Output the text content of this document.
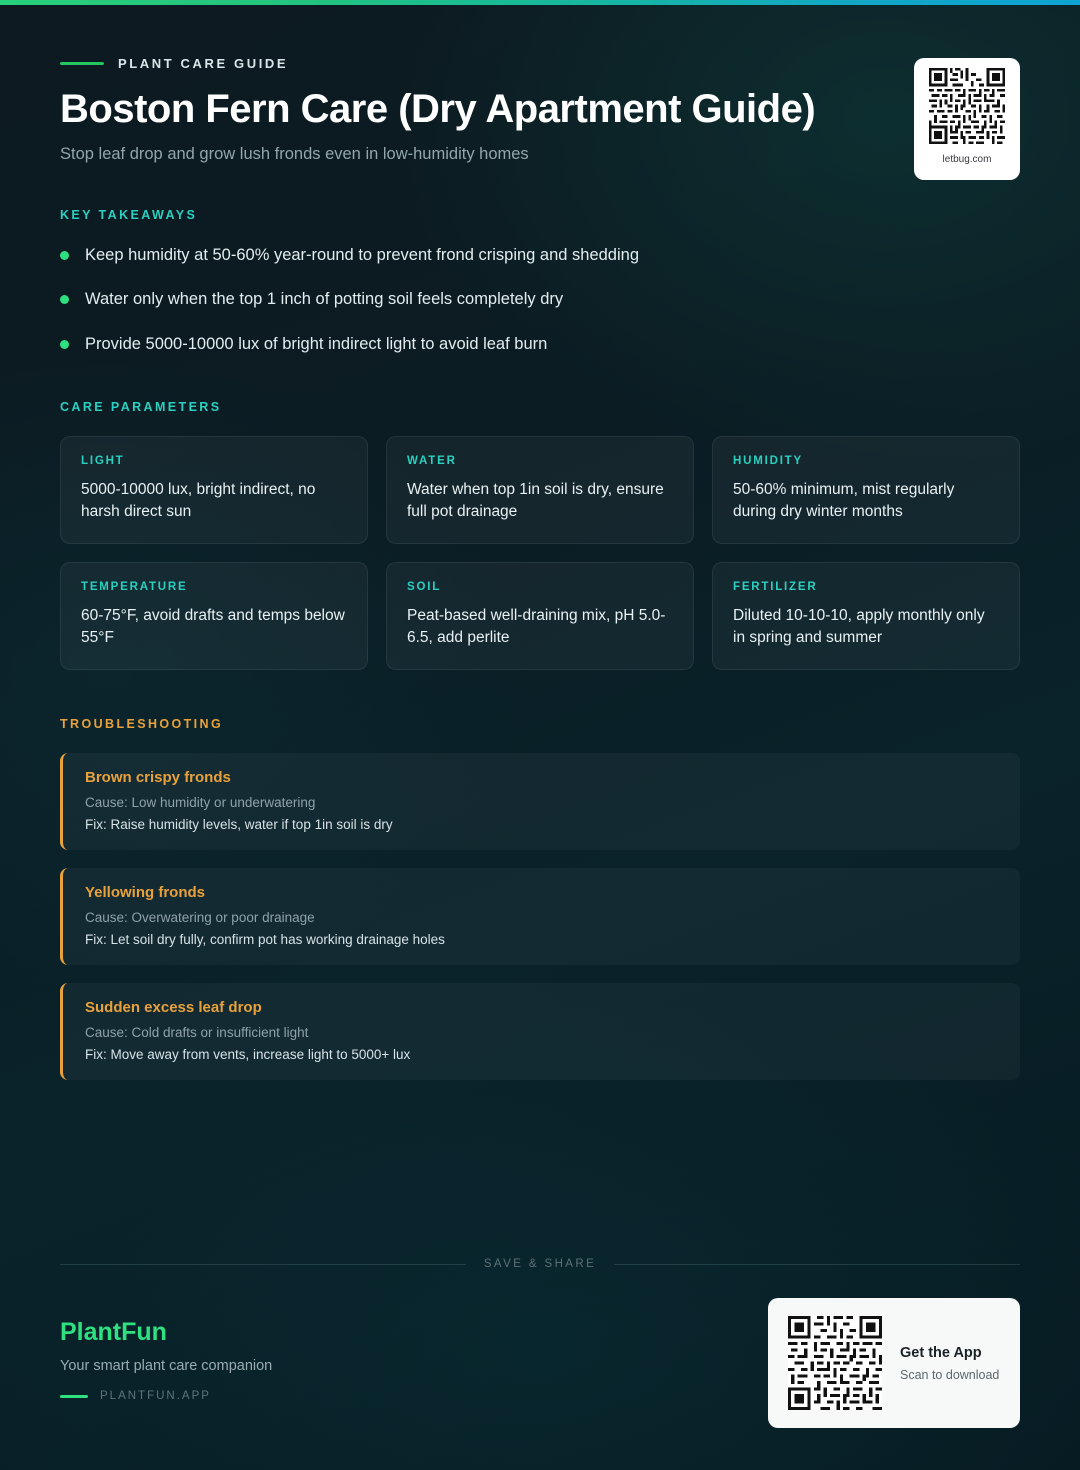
letbug.com
PLANT CARE GUIDE
Boston Fern Care (Dry Apartment Guide)
Stop leaf drop and grow lush fronds even in low-humidity homes
KEY TAKEAWAYS
Keep humidity at 50-60% year-round to prevent frond crisping and shedding
Water only when the top 1 inch of potting soil feels completely dry
Provide 5000-10000 lux of bright indirect light to avoid leaf burn
CARE PARAMETERS
LIGHT
5000-10000 lux, bright indirect, no harsh direct sun
WATER
Water when top 1in soil is dry, ensure full pot drainage
HUMIDITY
50-60% minimum, mist regularly during dry winter months
TEMPERATURE
60-75°F, avoid drafts and temps below 55°F
SOIL
Peat-based well-draining mix, pH 5.0-6.5, add perlite
FERTILIZER
Diluted 10-10-10, apply monthly only in spring and summer
TROUBLESHOOTING
Brown crispy fronds
Cause: Low humidity or underwatering
Fix: Raise humidity levels, water if top 1in soil is dry
Yellowing fronds
Cause: Overwatering or poor drainage
Fix: Let soil dry fully, confirm pot has working drainage holes
Sudden excess leaf drop
Cause: Cold drafts or insufficient light
Fix: Move away from vents, increase light to 5000+ lux
SAVE & SHARE
PlantFun
Your smart plant care companion
PLANTFUN.APP
Get the App
Scan to download
